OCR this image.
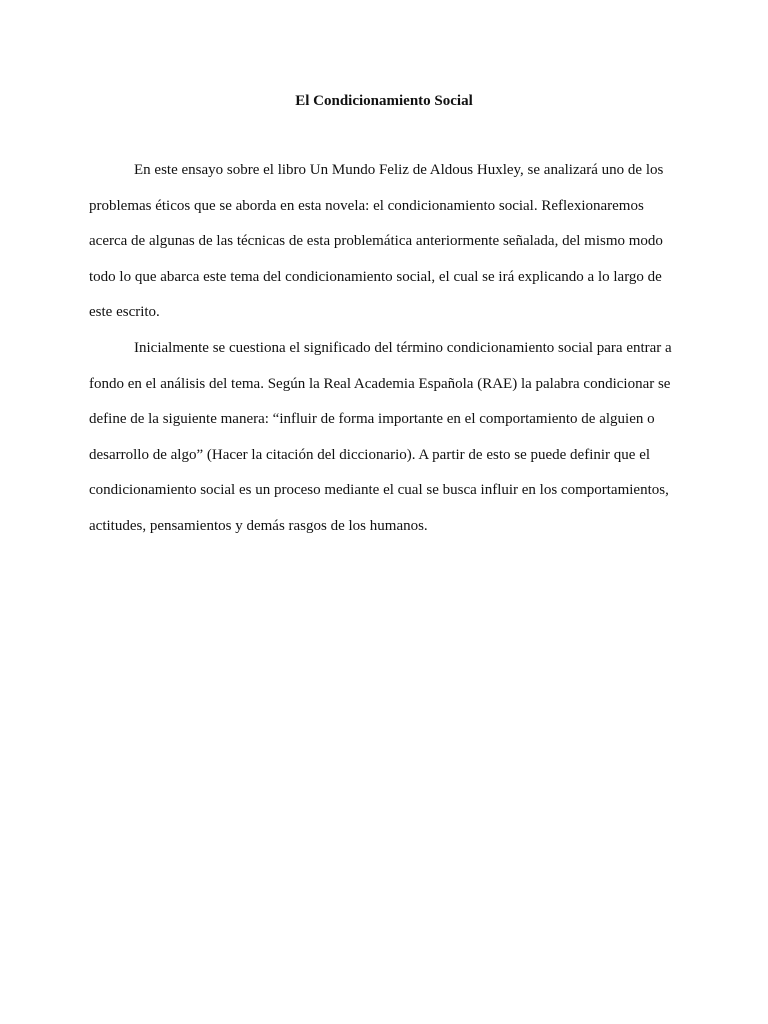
El Condicionamiento Social

En este ensayo sobre el libro Un Mundo Feliz de Aldous Huxley, se analizará uno de los
problemas éticos que se aborda en esta novela: el condicionamiento social. Reflexionaremos
acerca de algunas de las técnicas de esta problemática anteriormente señalada, del mismo modo
todo lo que abarca este tema del condicionamiento social, el cual se irá explicando a lo largo de
este escrito.

Inicialmente se cuestiona el significado del término condicionamiento social para entrar a
fondo en el análisis del tema. Según la Real Academia Española (RAE) la palabra condicionar se
define de la siguiente manera: “influir de forma importante en el comportamiento de alguien o
desarrollo de algo” (Hacer la citación del diccionario). A partir de esto se puede definir que el
condicionamiento social es un proceso mediante el cual se busca influir en los comportamientos,
actitudes, pensamientos y demás rasgos de los humanos.
